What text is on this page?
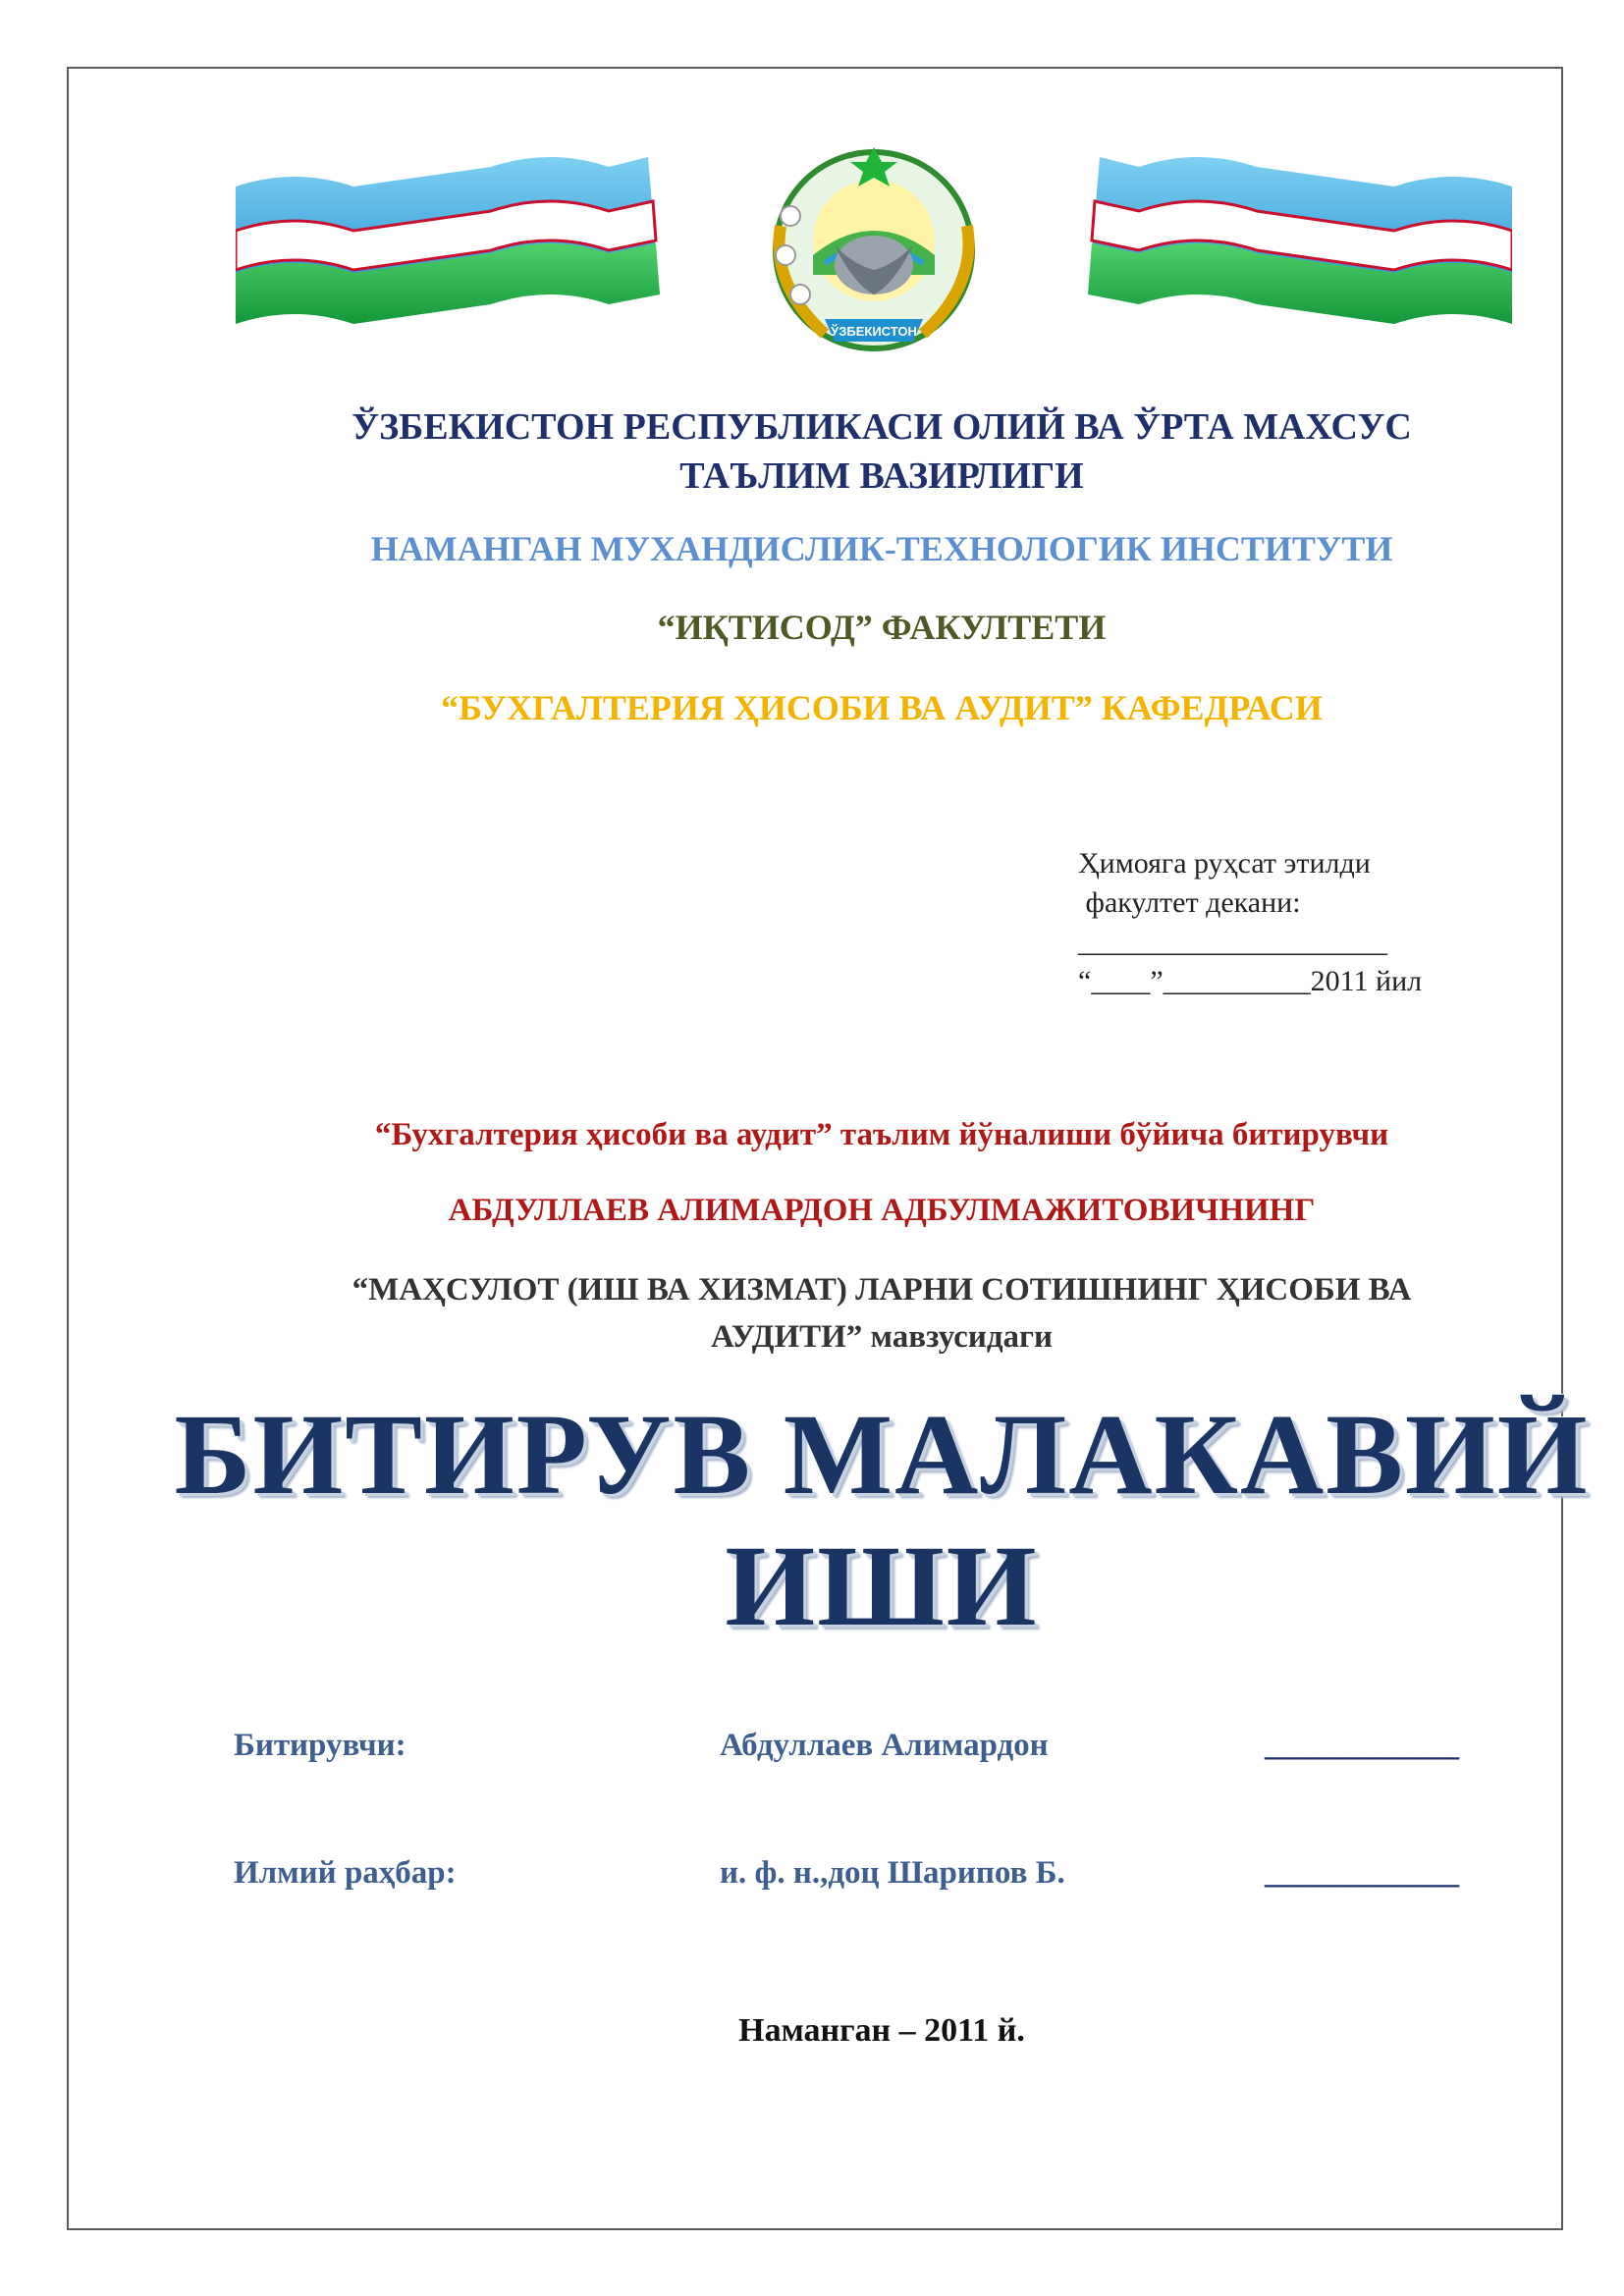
ЎЗБЕКИСТОН
ЎЗБЕКИСТОН РЕСПУБЛИКАСИ ОЛИЙ ВА ЎРТА МАХСУС
ТАЪЛИМ ВАЗИРЛИГИ
НАМАНГАН МУХАНДИСЛИК-ТЕХНОЛОГИК ИНСТИТУТИ
“ИҚТИСОД” ФАКУЛТЕТИ
“БУХГАЛТЕРИЯ ҲИСОБИ ВА АУДИТ” КАФЕДРАСИ
Ҳимояга руҳсат этилди
факултет декани:
_____________________
“____”__________2011 йил
“Бухгалтерия ҳисоби ва аудит” таълим йўналиши бўйича битирувчи
АБДУЛЛАЕВ АЛИМАРДОН АДБУЛМАЖИТОВИЧНИНГ
“МАҲСУЛОТ (ИШ ВА ХИЗМАТ) ЛАРНИ СОТИШНИНГ ҲИСОБИ ВА
АУДИТИ” мавзусидаги
БИТИРУВ МАЛАКАВИЙ
ИШИ
Битирувчи:	Абдуллаев Алимардон	____________
Илмий раҳбар:	и. ф. н.,доц Шарипов Б.	____________
Наманган – 2011 й.
